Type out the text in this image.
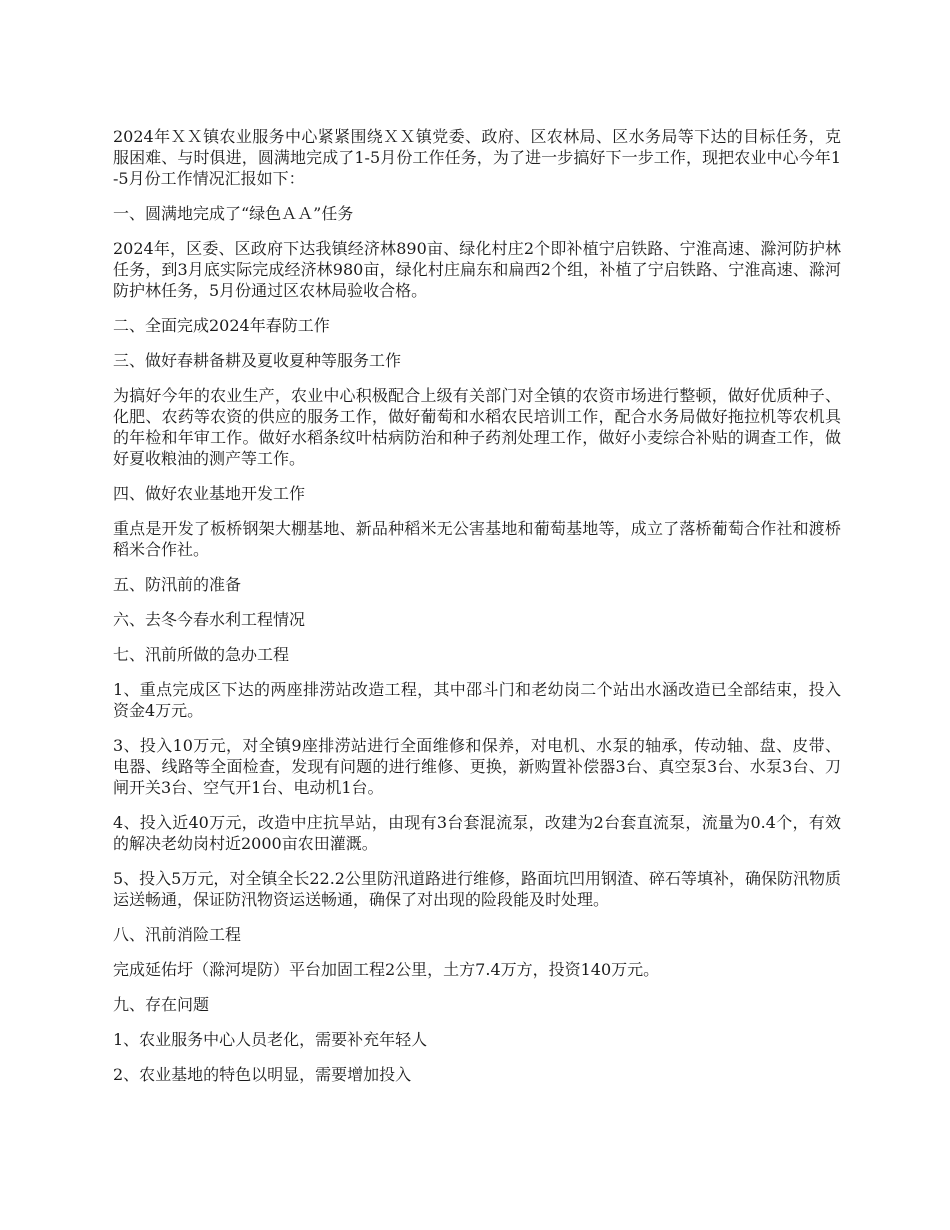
2024年ＸＸ镇农业服务中心紧紧围绕ＸＸ镇党委、政府、区农林局、区水务局等下达的目标任务，克服困难、与时俱进，圆满地完成了1-5月份工作任务，为了进一步搞好下一步工作，现把农业中心今年1-5月份工作情况汇报如下：

一、圆满地完成了“绿色ＡＡ”任务

2024年，区委、区政府下达我镇经济林890亩、绿化村庄2个即补植宁启铁路、宁淮高速、滁河防护林任务，到3月底实际完成经济林980亩，绿化村庄扁东和扁西2个组，补植了宁启铁路、宁淮高速、滁河防护林任务，5月份通过区农林局验收合格。

二、全面完成2024年春防工作

三、做好春耕备耕及夏收夏种等服务工作

为搞好今年的农业生产，农业中心积极配合上级有关部门对全镇的农资市场进行整顿，做好优质种子、化肥、农药等农资的供应的服务工作，做好葡萄和水稻农民培训工作，配合水务局做好拖拉机等农机具的年检和年审工作。做好水稻条纹叶枯病防治和种子药剂处理工作，做好小麦综合补贴的调查工作，做好夏收粮油的测产等工作。

四、做好农业基地开发工作

重点是开发了板桥钢架大棚基地、新品种稻米无公害基地和葡萄基地等，成立了落桥葡萄合作社和渡桥稻米合作社。

五、防汛前的准备

六、去冬今春水利工程情况

七、汛前所做的急办工程

1、重点完成区下达的两座排涝站改造工程，其中邵斗门和老幼岗二个站出水涵改造已全部结束，投入资金4万元。

3、投入10万元，对全镇9座排涝站进行全面维修和保养，对电机、水泵的轴承，传动轴、盘、皮带、电器、线路等全面检查，发现有问题的进行维修、更换，新购置补偿器3台、真空泵3台、水泵3台、刀闸开关3台、空气开1台、电动机1台。

4、投入近40万元，改造中庄抗旱站，由现有3台套混流泵，改建为2台套直流泵，流量为0.4个，有效的解决老幼岗村近2000亩农田灌溉。

5、投入5万元，对全镇全长22.2公里防汛道路进行维修，路面坑凹用钢渣、碎石等填补，确保防汛物质运送畅通，保证防汛物资运送畅通，确保了对出现的险段能及时处理。

八、汛前消险工程

完成延佑圩（滁河堤防）平台加固工程2公里，土方7.4万方，投资140万元。

九、存在问题

1、农业服务中心人员老化，需要补充年轻人

2、农业基地的特色以明显，需要增加投入
